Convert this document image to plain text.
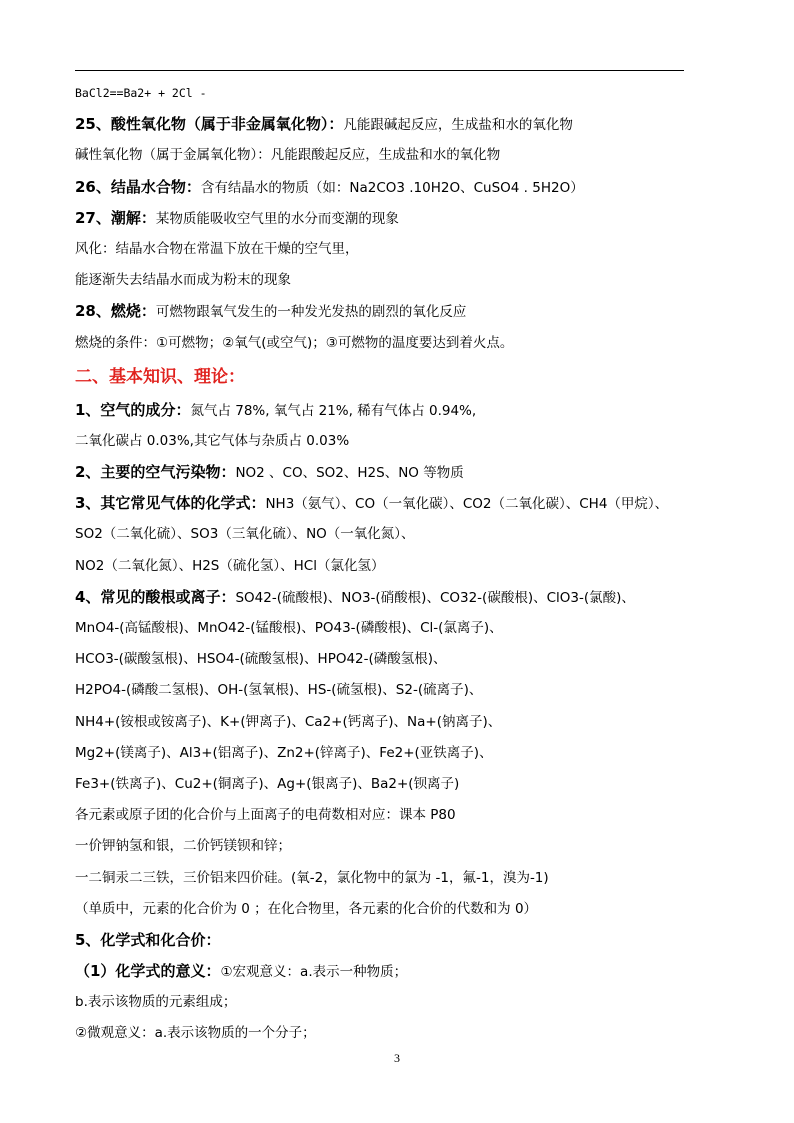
BaCl2==Ba2+ + 2Cl -
25、酸性氧化物（属于非金属氧化物）：凡能跟碱起反应，生成盐和水的氧化物
碱性氧化物（属于金属氧化物）：凡能跟酸起反应，生成盐和水的氧化物
26、结晶水合物：含有结晶水的物质（如：Na2CO3 .10H2O、CuSO4 . 5H2O）
27、潮解：某物质能吸收空气里的水分而变潮的现象
风化：结晶水合物在常温下放在干燥的空气里，
能逐渐失去结晶水而成为粉末的现象
28、燃烧：可燃物跟氧气发生的一种发光发热的剧烈的氧化反应
燃烧的条件：①可燃物；②氧气(或空气)；③可燃物的温度要达到着火点。
二、基本知识、理论：
1、空气的成分：氮气占 78%, 氧气占 21%, 稀有气体占 0.94%,
二氧化碳占 0.03%,其它气体与杂质占 0.03%
2、主要的空气污染物：NO2 、CO、SO2、H2S、NO 等物质
3、其它常见气体的化学式：NH3（氨气）、CO（一氧化碳）、CO2（二氧化碳）、CH4（甲烷）、
SO2（二氧化硫）、SO3（三氧化硫）、NO（一氧化氮）、
NO2（二氧化氮）、H2S（硫化氢）、HCl（氯化氢）
4、常见的酸根或离子：SO42-(硫酸根)、NO3-(硝酸根)、CO32-(碳酸根)、ClO3-(氯酸)、
MnO4-(高锰酸根)、MnO42-(锰酸根)、PO43-(磷酸根)、Cl-(氯离子)、
HCO3-(碳酸氢根)、HSO4-(硫酸氢根)、HPO42-(磷酸氢根)、
H2PO4-(磷酸二氢根)、OH-(氢氧根)、HS-(硫氢根)、S2-(硫离子)、
NH4+(铵根或铵离子)、K+(钾离子)、Ca2+(钙离子)、Na+(钠离子)、
Mg2+(镁离子)、Al3+(铝离子)、Zn2+(锌离子)、Fe2+(亚铁离子)、
Fe3+(铁离子)、Cu2+(铜离子)、Ag+(银离子)、Ba2+(钡离子)
各元素或原子团的化合价与上面离子的电荷数相对应：课本 P80
一价钾钠氢和银，二价钙镁钡和锌；
一二铜汞二三铁，三价铝来四价硅。(氧-2，氯化物中的氯为 -1，氟-1，溴为-1)
（单质中，元素的化合价为 0 ；在化合物里，各元素的化合价的代数和为 0）
5、化学式和化合价：
（1）化学式的意义：①宏观意义：a.表示一种物质；
b.表示该物质的元素组成；
②微观意义：a.表示该物质的一个分子；
3
